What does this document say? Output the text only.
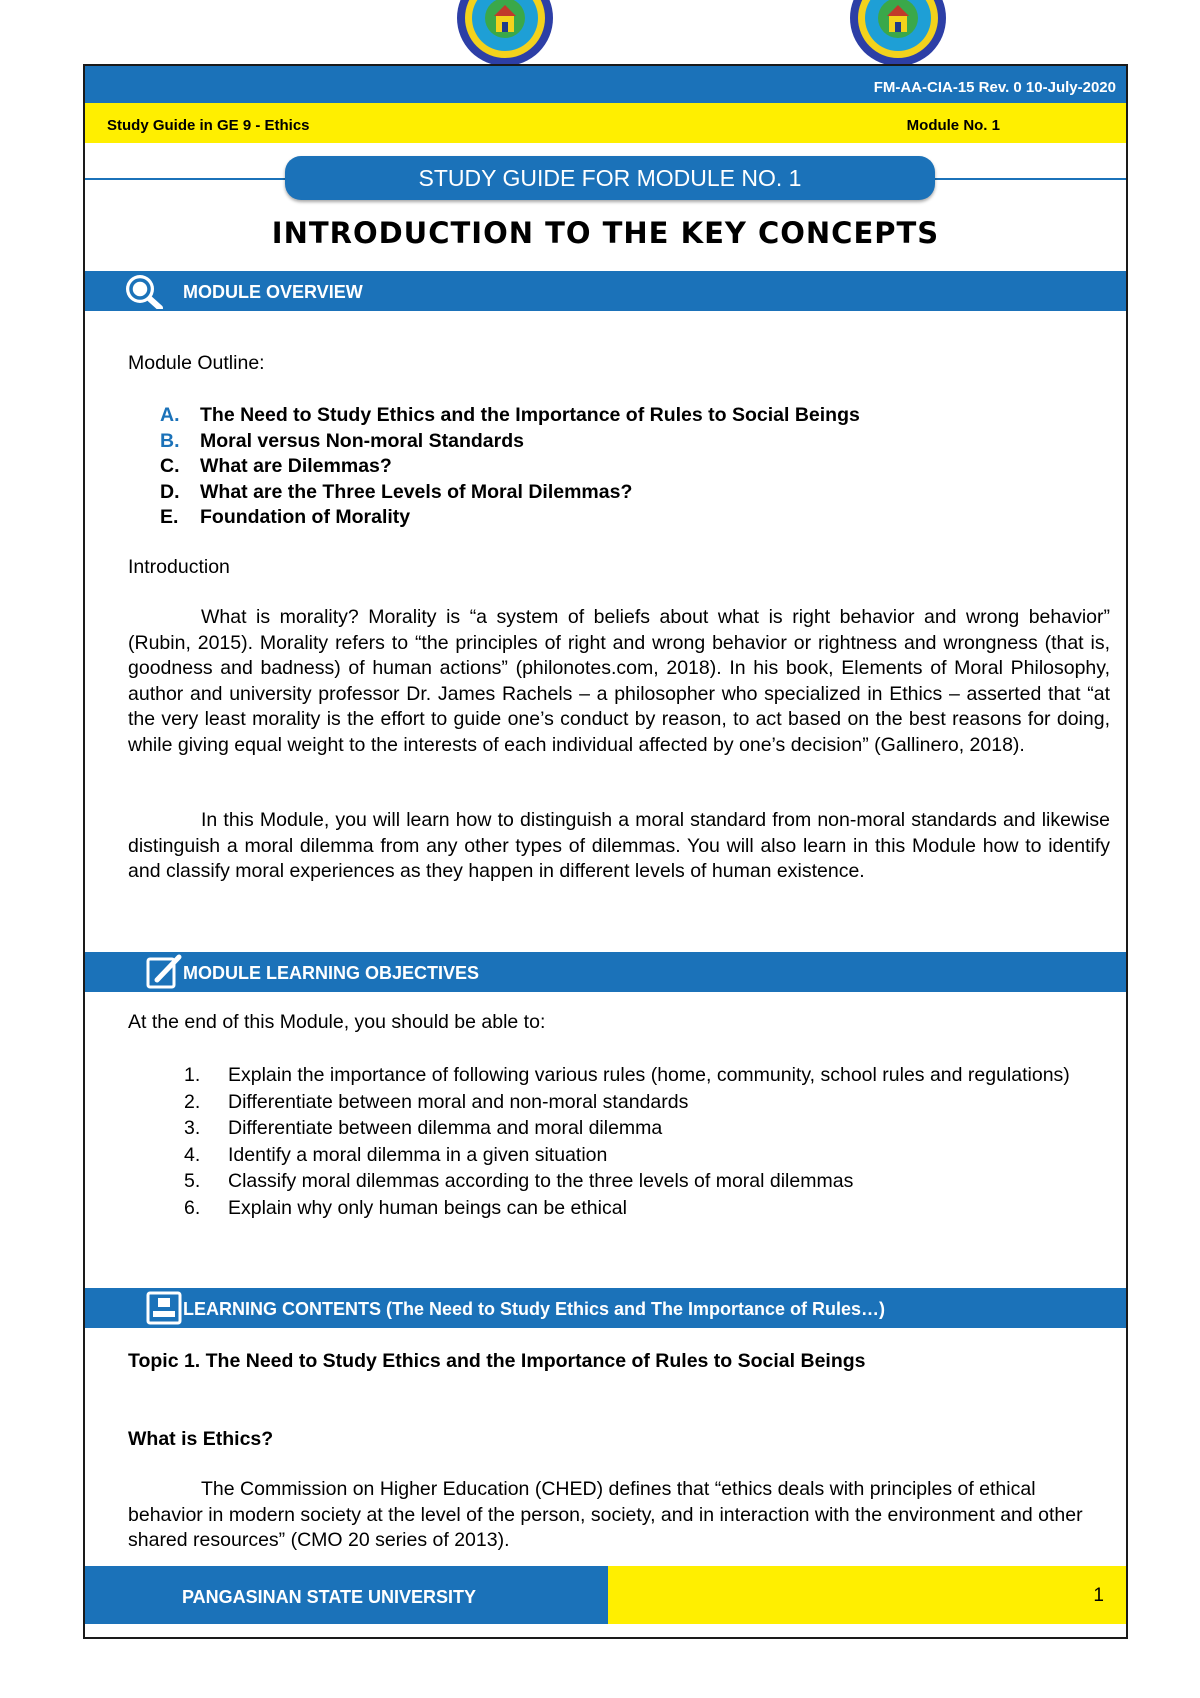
FM-AA-CIA-15 Rev. 0 10-July-2020
Study Guide in GE 9 - Ethics	Module No. 1
STUDY GUIDE FOR MODULE NO. 1
INTRODUCTION TO THE KEY CONCEPTS
MODULE OVERVIEW
Module Outline:
A. The Need to Study Ethics and the Importance of Rules to Social Beings
B. Moral versus Non-moral Standards
C. What are Dilemmas?
D. What are the Three Levels of Moral Dilemmas?
E. Foundation of Morality
Introduction
What is morality? Morality is “a system of beliefs about what is right behavior and wrong behavior” (Rubin, 2015). Morality refers to “the principles of right and wrong behavior or rightness and wrongness (that is, goodness and badness) of human actions” (philonotes.com, 2018). In his book, Elements of Moral Philosophy, author and university professor Dr. James Rachels – a philosopher who specialized in Ethics – asserted that “at the very least morality is the effort to guide one’s conduct by reason, to act based on the best reasons for doing, while giving equal weight to the interests of each individual affected by one’s decision” (Gallinero, 2018).
In this Module, you will learn how to distinguish a moral standard from non-moral standards and likewise distinguish a moral dilemma from any other types of dilemmas. You will also learn in this Module how to identify and classify moral experiences as they happen in different levels of human existence.
MODULE LEARNING OBJECTIVES
At the end of this Module, you should be able to:
1. Explain the importance of following various rules (home, community, school rules and regulations)
2. Differentiate between moral and non-moral standards
3. Differentiate between dilemma and moral dilemma
4. Identify a moral dilemma in a given situation
5. Classify moral dilemmas according to the three levels of moral dilemmas
6. Explain why only human beings can be ethical
LEARNING CONTENTS (The Need to Study Ethics and The Importance of Rules…)
Topic 1. The Need to Study Ethics and the Importance of Rules to Social Beings
What is Ethics?
The Commission on Higher Education (CHED) defines that “ethics deals with principles of ethical behavior in modern society at the level of the person, society, and in interaction with the environment and other shared resources” (CMO 20 series of 2013).
PANGASINAN STATE UNIVERSITY	1
